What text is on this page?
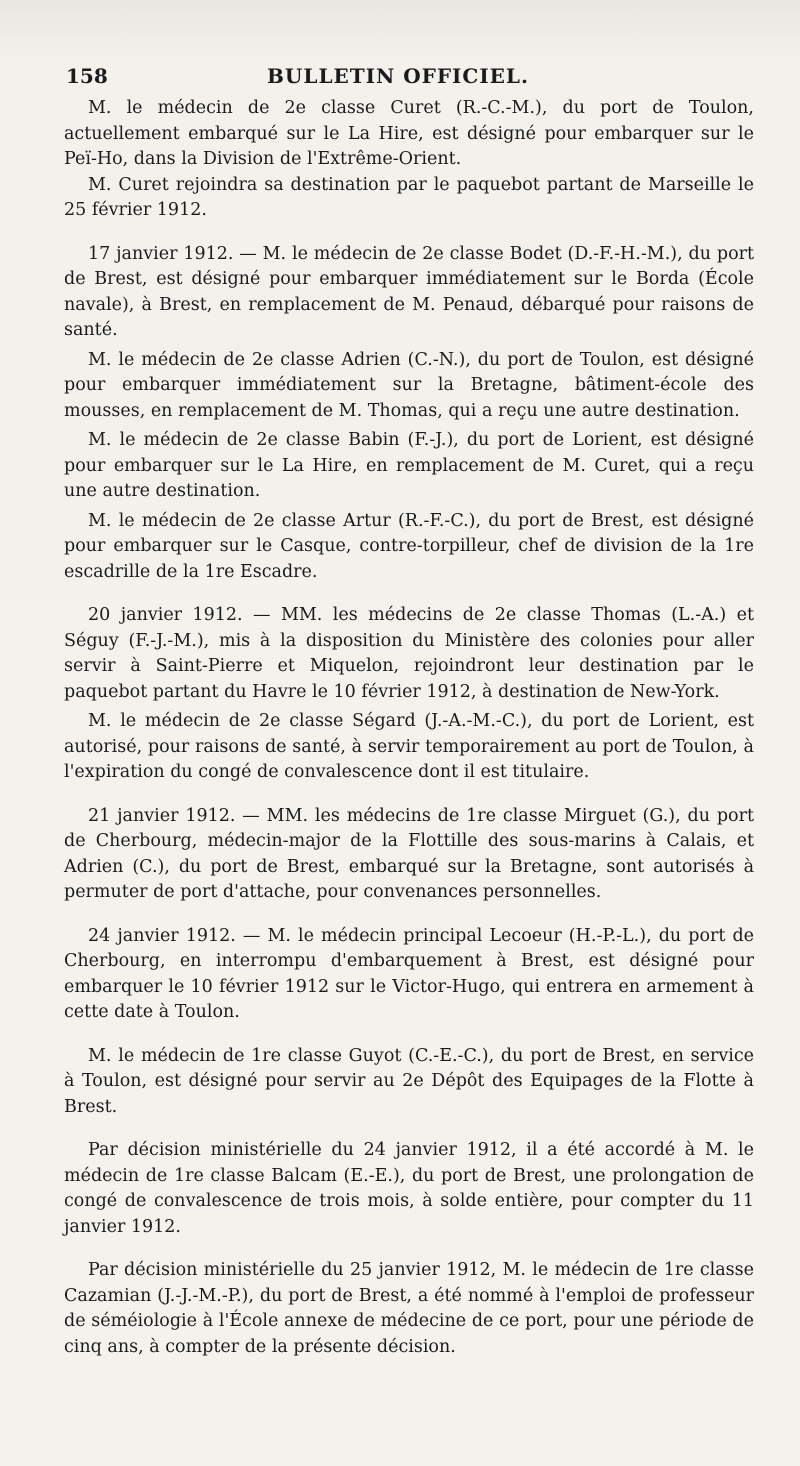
158	BULLETIN OFFICIEL.

M. le médecin de 2e classe Curet (R.-C.-M.), du port de Toulon, actuellement embarqué sur le La Hire, est désigné pour embarquer sur le Peï-Ho, dans la Division de l'Extrême-Orient.

M. Curet rejoindra sa destination par le paquebot partant de Marseille le 25 février 1912.

17 janvier 1912. — M. le médecin de 2e classe Bodet (D.-F.-H.-M.), du port de Brest, est désigné pour embarquer immédiatement sur le Borda (École navale), à Brest, en remplacement de M. Penaud, débarqué pour raisons de santé.

M. le médecin de 2e classe Adrien (C.-N.), du port de Toulon, est désigné pour embarquer immédiatement sur la Bretagne, bâtiment-école des mousses, en remplacement de M. Thomas, qui a reçu une autre destination.

M. le médecin de 2e classe Babin (F.-J.), du port de Lorient, est désigné pour embarquer sur le La Hire, en remplacement de M. Curet, qui a reçu une autre destination.

M. le médecin de 2e classe Artur (R.-F.-C.), du port de Brest, est désigné pour embarquer sur le Casque, contre-torpilleur, chef de division de la 1re escadrille de la 1re Escadre.

20 janvier 1912. — MM. les médecins de 2e classe Thomas (L.-A.) et Séguy (F.-J.-M.), mis à la disposition du Ministère des colonies pour aller servir à Saint-Pierre et Miquelon, rejoindront leur destination par le paquebot partant du Havre le 10 février 1912, à destination de New-York.

M. le médecin de 2e classe Ségard (J.-A.-M.-C.), du port de Lorient, est autorisé, pour raisons de santé, à servir temporairement au port de Toulon, à l'expiration du congé de convalescence dont il est titulaire.

21 janvier 1912. — MM. les médecins de 1re classe Mirguet (G.), du port de Cherbourg, médecin-major de la Flottille des sous-marins à Calais, et Adrien (C.), du port de Brest, embarqué sur la Bretagne, sont autorisés à permuter de port d'attache, pour convenances personnelles.

24 janvier 1912. — M. le médecin principal Lecoeur (H.-P.-L.), du port de Cherbourg, en interrompu d'embarquement à Brest, est désigné pour embarquer le 10 février 1912 sur le Victor-Hugo, qui entrera en armement à cette date à Toulon.

M. le médecin de 1re classe Guyot (C.-E.-C.), du port de Brest, en service à Toulon, est désigné pour servir au 2e Dépôt des Equipages de la Flotte à Brest.

Par décision ministérielle du 24 janvier 1912, il a été accordé à M. le médecin de 1re classe Balcam (E.-E.), du port de Brest, une prolongation de congé de convalescence de trois mois, à solde entière, pour compter du 11 janvier 1912.

Par décision ministérielle du 25 janvier 1912, M. le médecin de 1re classe Cazamian (J.-J.-M.-P.), du port de Brest, a été nommé à l'emploi de professeur de séméiologie à l'École annexe de médecine de ce port, pour une période de cinq ans, à compter de la présente décision.
